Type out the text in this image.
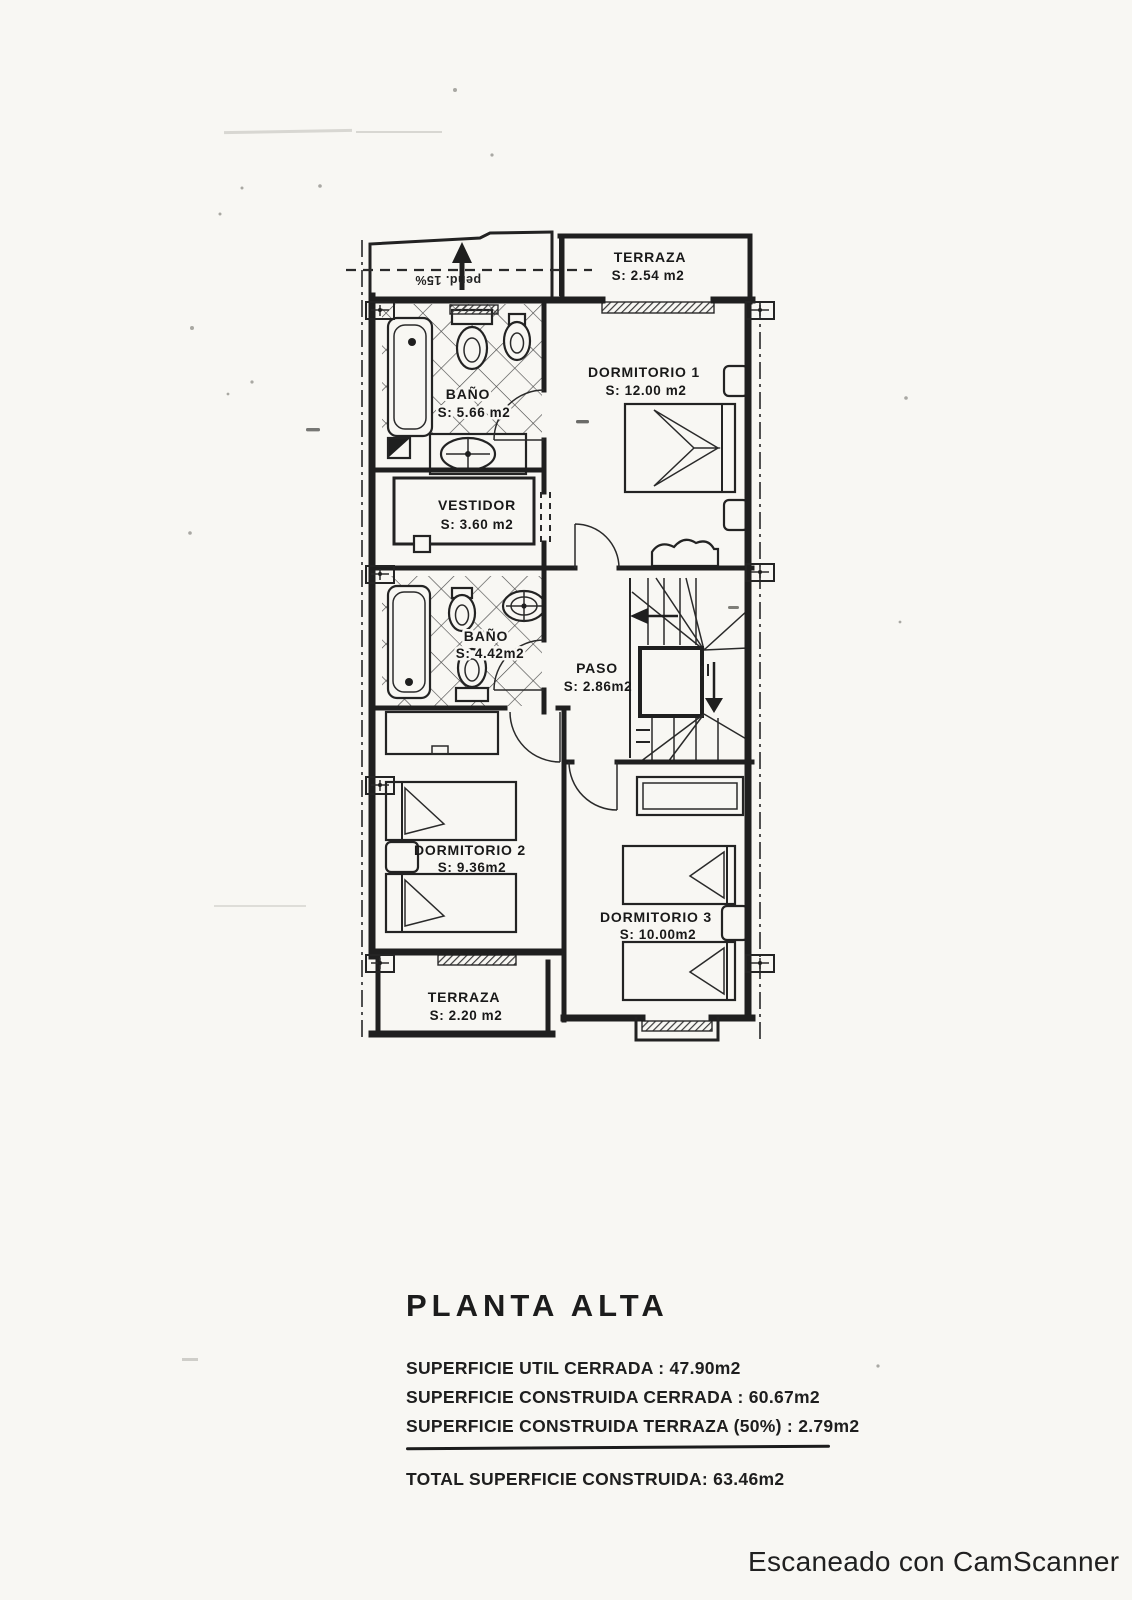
pend. 15%
TERRAZA
S: 2.54 m2
DORMITORIO 1
S: 12.00 m2
BAÑO
S: 5.66 m2
VESTIDOR
S: 3.60 m2
BAÑO
S: 4.42m2
PASO
S: 2.86m2
DORMITORIO 2
S: 9.36m2
DORMITORIO 3
S: 10.00m2
TERRAZA
S: 2.20 m2
PLANTA ALTA
SUPERFICIE UTIL CERRADA : 47.90m2
SUPERFICIE CONSTRUIDA CERRADA : 60.67m2
SUPERFICIE CONSTRUIDA TERRAZA (50%) : 2.79m2
TOTAL SUPERFICIE CONSTRUIDA: 63.46m2
Escaneado con CamScanner
